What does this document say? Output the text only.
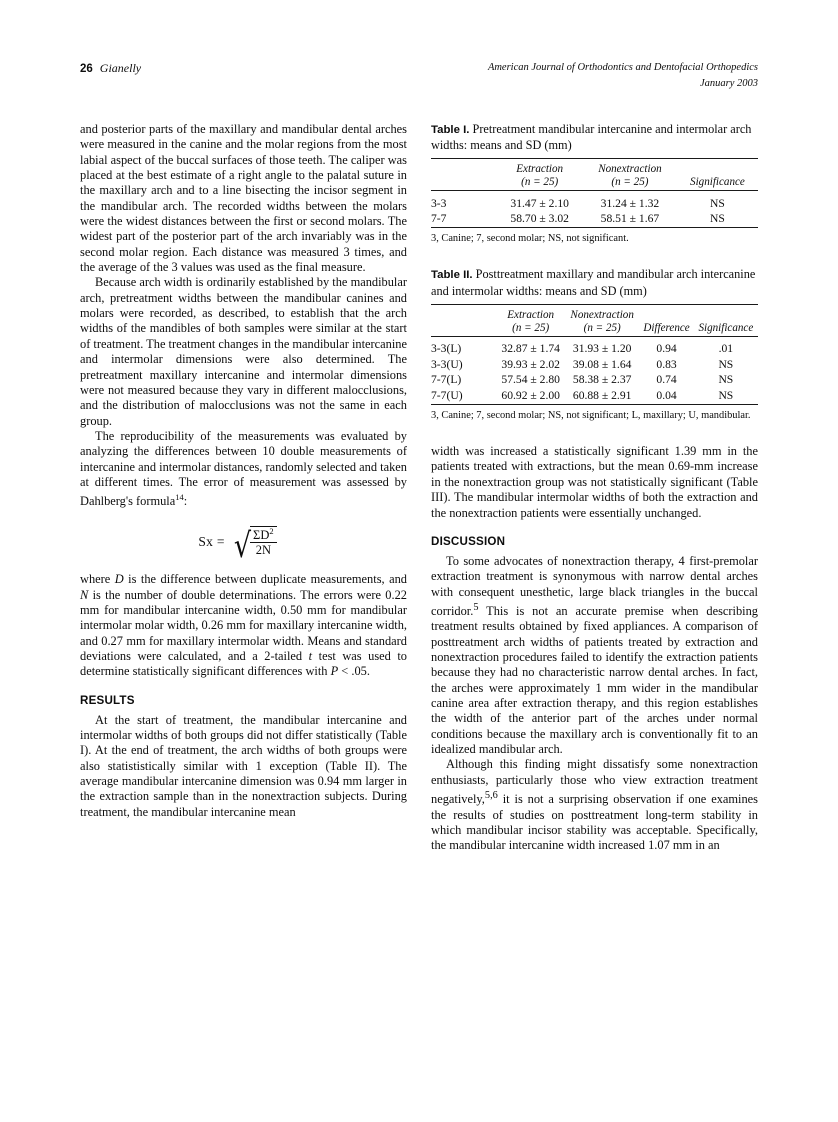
26 Gianelly	American Journal of Orthodontics and Dentofacial Orthopedics
January 2003

and posterior parts of the maxillary and mandibular dental arches were measured in the canine and the molar regions from the most labial aspect of the buccal surfaces of those teeth. The caliper was placed at the best estimate of a right angle to the palatal suture in the maxillary arch and to a line bisecting the incisor segment in the mandibular arch. The recorded widths between the molars were the widest distances between the first or second molars. The widest part of the posterior part of the arch invariably was in the second molar region. Each distance was measured 3 times, and the average of the 3 values was used as the final measure.

Because arch width is ordinarily established by the mandibular arch, pretreatment widths between the mandibular canines and molars were recorded, as described, to establish that the arch widths of the mandibles of both samples were similar at the start of treatment. The treatment changes in the mandibular intercanine and intermolar dimensions were also determined. The pretreatment maxillary intercanine and intermolar dimensions were not measured because they vary in different malocclusions, and the distribution of malocclusions was not the same in each group.

The reproducibility of the measurements was evaluated by analyzing the differences between 10 double measurements of intercanine and intermolar distances, randomly selected and taken at different times. The error of measurement was assessed by Dahlberg's formula$^{14}$:

Sx = √ $\frac{\Sigma D^2}{2N}$

where D is the difference between duplicate measurements, and N is the number of double determinations. The errors were 0.22 mm for mandibular intercanine width, 0.50 mm for mandibular intermolar molar width, 0.26 mm for maxillary intercanine width, and 0.27 mm for maxillary intermolar width. Means and standard deviations were calculated, and a 2-tailed t test was used to determine statistically significant differences with P < .05.

RESULTS

At the start of treatment, the mandibular intercanine and intermolar widths of both groups did not differ statistically (Table I). At the end of treatment, the arch widths of both groups were also statististically similar with 1 exception (Table II). The average mandibular intercanine dimension was 0.94 mm larger in the extraction sample than in the nonextraction subjects. During treatment, the mandibular intercanine mean

Table I. Pretreatment mandibular intercanine and intermolar arch widths: means and SD (mm)
	Extraction
(n = 25)	Nonextraction
(n = 25)	Significance

3-3	31.47 ± 2.10	31.24 ± 1.32	NS
7-7	58.70 ± 3.02	58.51 ± 1.67	NS
3, Canine; 7, second molar; NS, not significant.
Table II. Posttreatment maxillary and mandibular arch intercanine and intermolar widths: means and SD (mm)
	Extraction
(n = 25)	Nonextraction
(n = 25)	Difference	Significance

3-3(L)	32.87 ± 1.74	31.93 ± 1.20	0.94	.01
3-3(U)	39.93 ± 2.02	39.08 ± 1.64	0.83	NS
7-7(L)	57.54 ± 2.80	58.38 ± 2.37	0.74	NS
7-7(U)	60.92 ± 2.00	60.88 ± 2.91	0.04	NS
3, Canine; 7, second molar; NS, not significant; L, maxillary; U, mandibular.

width was increased a statistically significant 1.39 mm in the patients treated with extractions, but the mean 0.69-mm increase in the nonextraction group was not statistically significant (Table III). The mandibular intermolar widths of both the extraction and the nonextraction patients were essentially unchanged.

DISCUSSION

To some advocates of nonextraction therapy, 4 first-premolar extraction treatment is synonymous with narrow dental arches with consequent unesthetic, large black triangles in the buccal corridor.$^5$ This is not an accurate premise when describing treatment results obtained by fixed appliances. A comparison of posttreatment arch widths of patients treated by extraction and nonextraction procedures failed to identify the extraction patients because they had no characteristic narrow dental arches. In fact, the arches were approximately 1 mm wider in the mandibular canine area after extraction therapy, and this region establishes the width of the anterior part of the arches under normal conditions because the maxillary arch is conventionally fit to an idealized mandibular arch.

Although this finding might dissatisfy some nonextraction enthusiasts, particularly those who view extraction treatment negatively,$^{5,6}$ it is not a surprising observation if one examines the results of studies on posttreatment long-term stability in which mandibular incisor stability was acceptable. Specifically, the mandibular intercanine width increased 1.07 mm in an
